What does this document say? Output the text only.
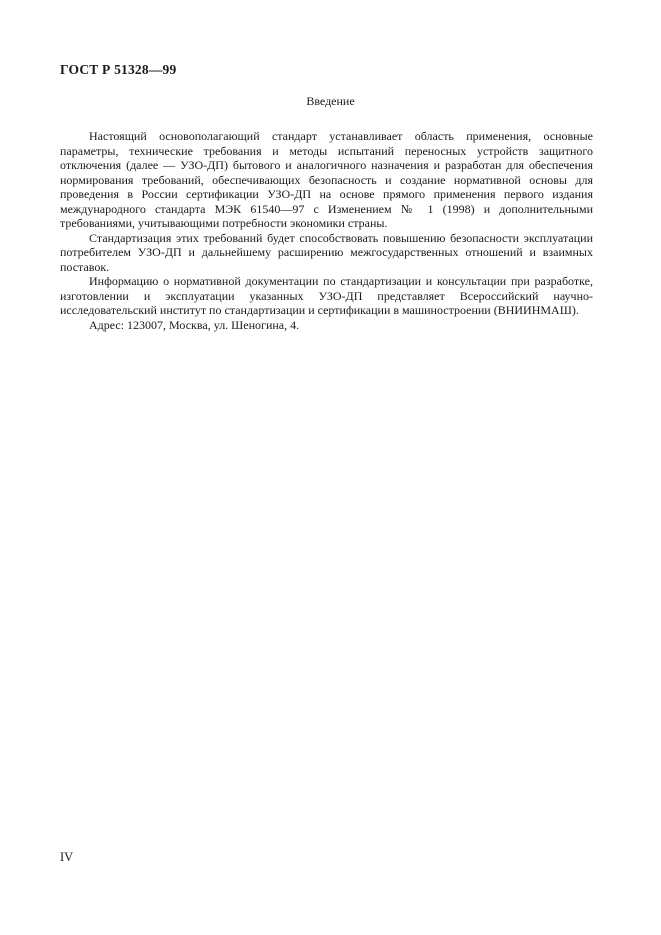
ГОСТ Р 51328—99
Введение

Настоящий основополагающий стандарт устанавливает область применения, основные параметры, технические требования и методы испытаний переносных устройств защитного отключения (далее — УЗО-ДП) бытового и аналогичного назначения и разработан для обеспечения нормирования требований, обеспечивающих безопасность и создание нормативной основы для проведения в России сертификации УЗО-ДП на основе прямого применения первого издания международного стандарта МЭК 61540—97 с Изменением № 1 (1998) и дополнительными требованиями, учитывающими потребности экономики страны.

Стандартизация этих требований будет способствовать повышению безопасности эксплуатации потребителем УЗО-ДП и дальнейшему расширению межгосударственных отношений и взаимных поставок.

Информацию о нормативной документации по стандартизации и консультации при разработке, изготовлении и эксплуатации указанных УЗО-ДП представляет Всероссийский научно-исследовательский институт по стандартизации и сертификации в машиностроении (ВНИИНМАШ).

Адрес: 123007, Москва, ул. Шеногина, 4.

IV
